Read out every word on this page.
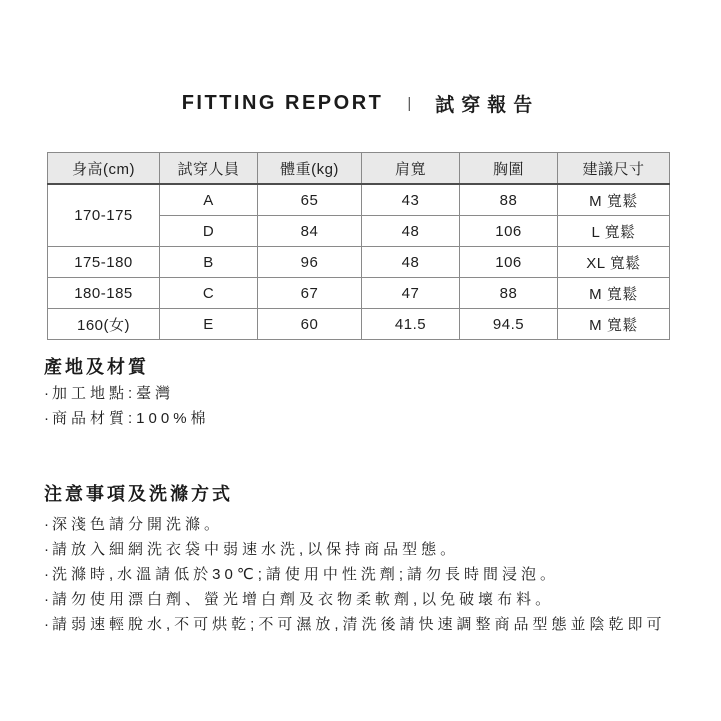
FITTING REPORT | 試穿報告
身高(cm)	試穿人員	體重(kg)	肩寬	胸圍	建議尺寸
170-175	A	65	43	88	M 寬鬆
	D	84	48	106	L 寬鬆
175-180	B	96	48	106	XL 寬鬆
180-185	C	67	47	88	M 寬鬆
160(女)	E	60	41.5	94.5	M 寬鬆
產地及材質
· 加工地點:臺灣
· 商品材質:100%棉
注意事項及洗滌方式
· 深淺色請分開洗滌。
· 請放入細網洗衣袋中弱速水洗,以保持商品型態。
· 洗滌時,水溫請低於30℃;請使用中性洗劑;請勿長時間浸泡。
· 請勿使用漂白劑、螢光增白劑及衣物柔軟劑,以免破壞布料。
· 請弱速輕脫水,不可烘乾;不可濕放,清洗後請快速調整商品型態並陰乾即可
